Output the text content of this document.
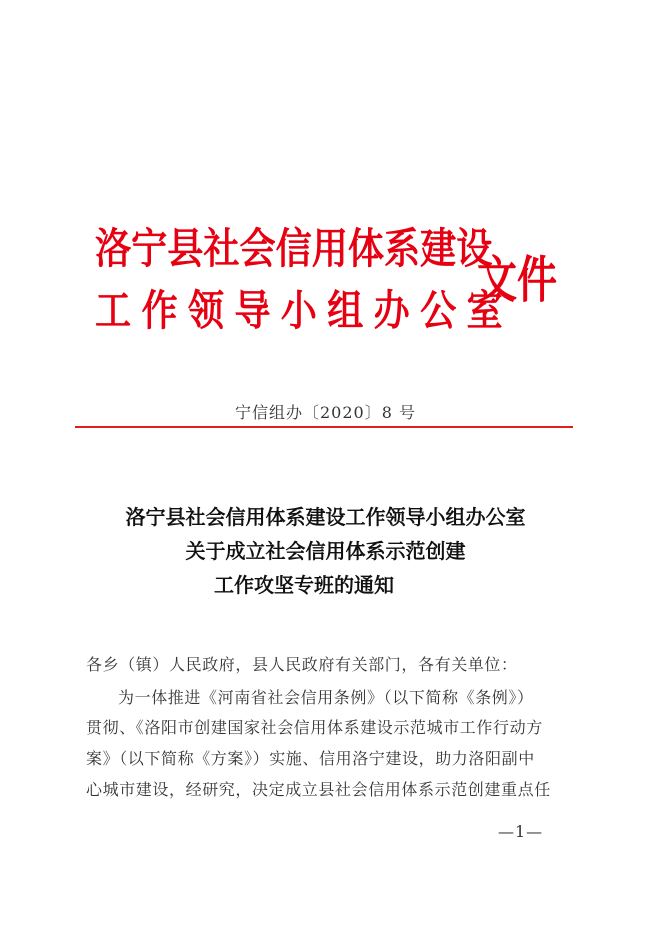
洛宁县社会信用体系建设
工作领导小组办公室
文件
宁信组办〔2020〕8 号
洛宁县社会信用体系建设工作领导小组办公室
关于成立社会信用体系示范创建
工作攻坚专班的通知
各乡（镇）人民政府，县人民政府有关部门，各有关单位：
为一体推进《河南省社会信用条例》（以下简称《条例》）
贯彻、《洛阳市创建国家社会信用体系建设示范城市工作行动方
案》（以下简称《方案》）实施、信用洛宁建设，助力洛阳副中
心城市建设，经研究，决定成立县社会信用体系示范创建重点任
—1—
